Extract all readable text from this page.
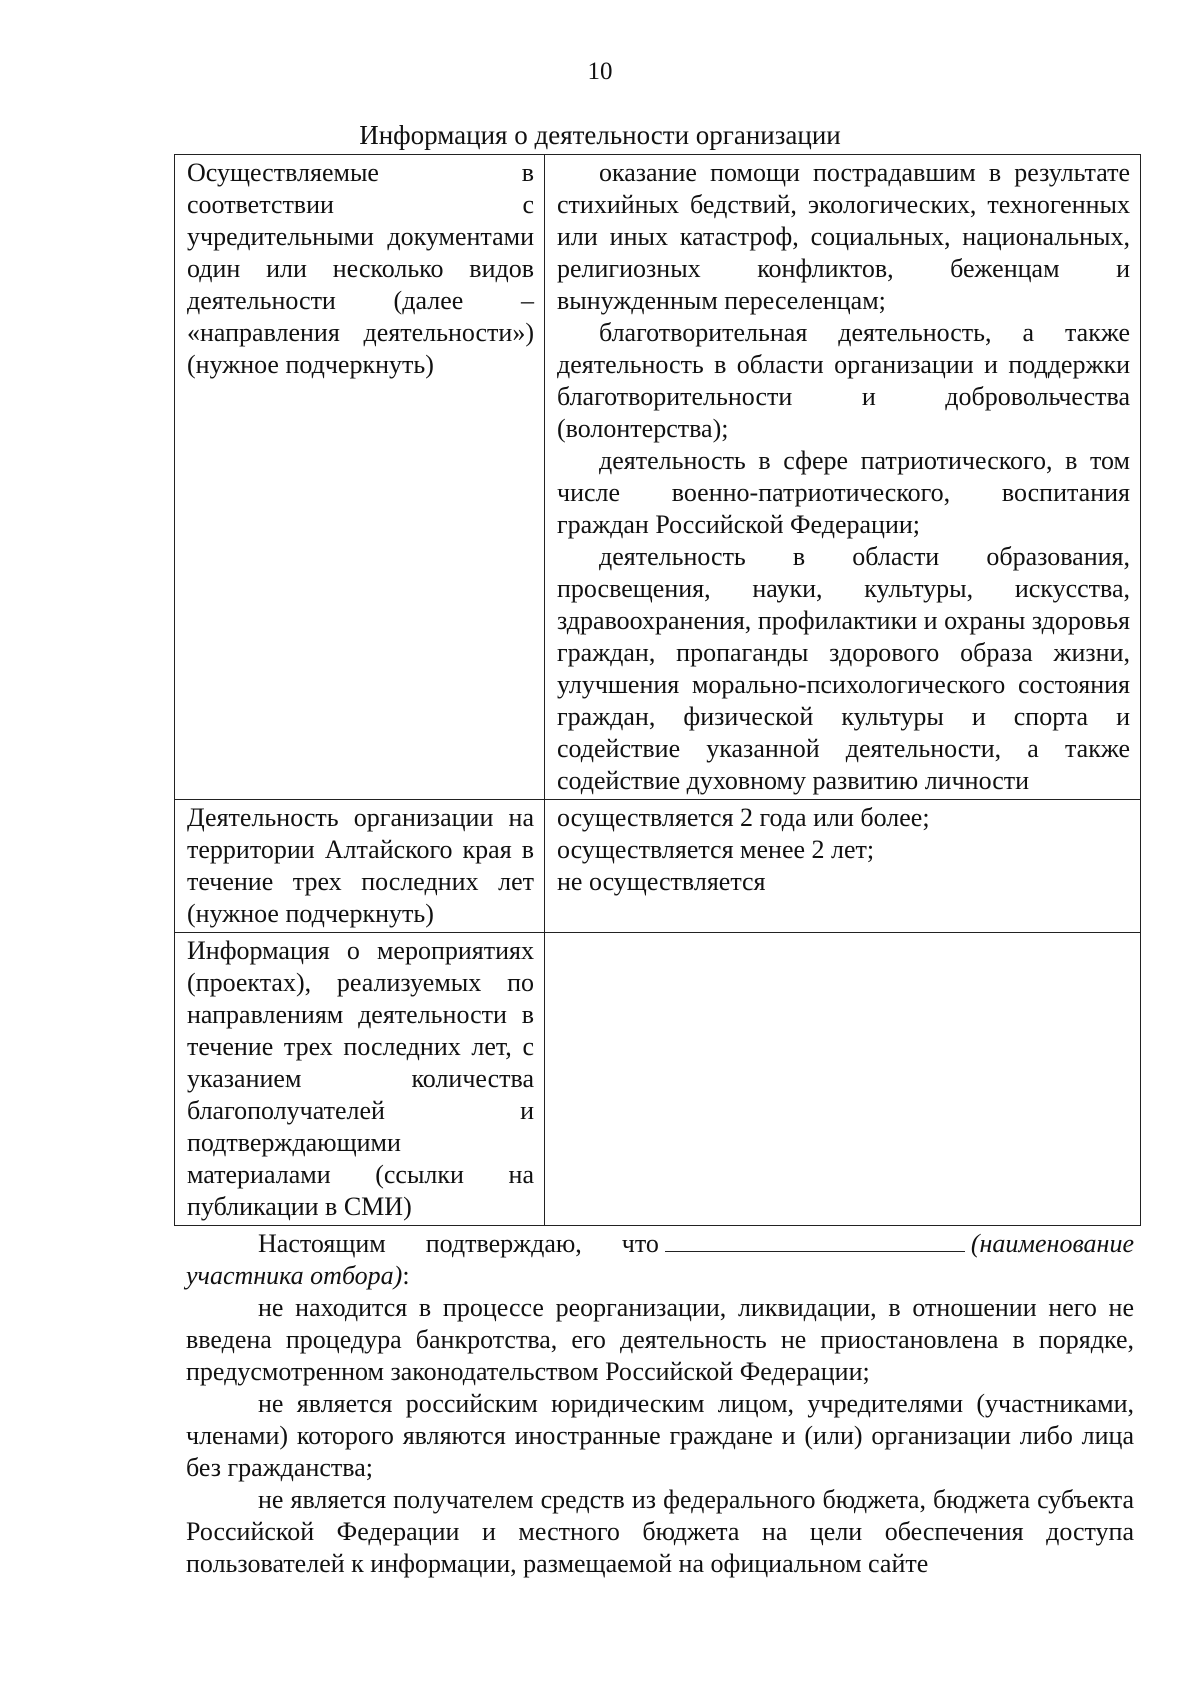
10
Информация о деятельности организации
Осуществляемые в соответствии с учредительными документами один или несколько видов деятельности (далее – «направления деятельности») (нужное подчеркнуть)	оказание помощи пострадавшим в результате стихийных бедствий, экологических, техногенных или иных катастроф, социальных, национальных, религиозных конфликтов, беженцам и вынужденным переселенцам;

благотворительная деятельность, а также деятельность в области организации и поддержки благотворительности и добровольчества (волонтерства);

деятельность в сфере патриотического, в том числе военно-патриотического, воспитания граждан Российской Федерации;

деятельность в области образования, просвещения, науки, культуры, искусства, здравоохранения, профилактики и охраны здоровья граждан, пропаганды здорового образа жизни, улучшения морально-психологического состояния граждан, физической культуры и спорта и содействие указанной деятельности, а также содействие духовному развитию личности

Деятельность организации на территории Алтайского края в течение трех последних лет (нужное подчеркнуть)	осуществляется 2 года или более;
осуществляется менее 2 лет;
не осуществляется

Информация о мероприятиях (проектах), реализуемых по направлениям деятельности в течение трех последних лет, с указанием количества благополучателей и подтверждающими материалами (ссылки на публикации в СМИ)	

Настоящим подтверждаю, что	(наименование участника отбора):

не находится в процессе реорганизации, ликвидации, в отношении него не введена процедура банкротства, его деятельность не приостановлена в порядке, предусмотренном законодательством Российской Федерации;

не является российским юридическим лицом, учредителями (участниками, членами) которого являются иностранные граждане и (или) организации либо лица без гражданства;

не является получателем средств из федерального бюджета, бюджета субъекта Российской Федерации и местного бюджета на цели обеспечения доступа пользователей к информации, размещаемой на официальном сайте
